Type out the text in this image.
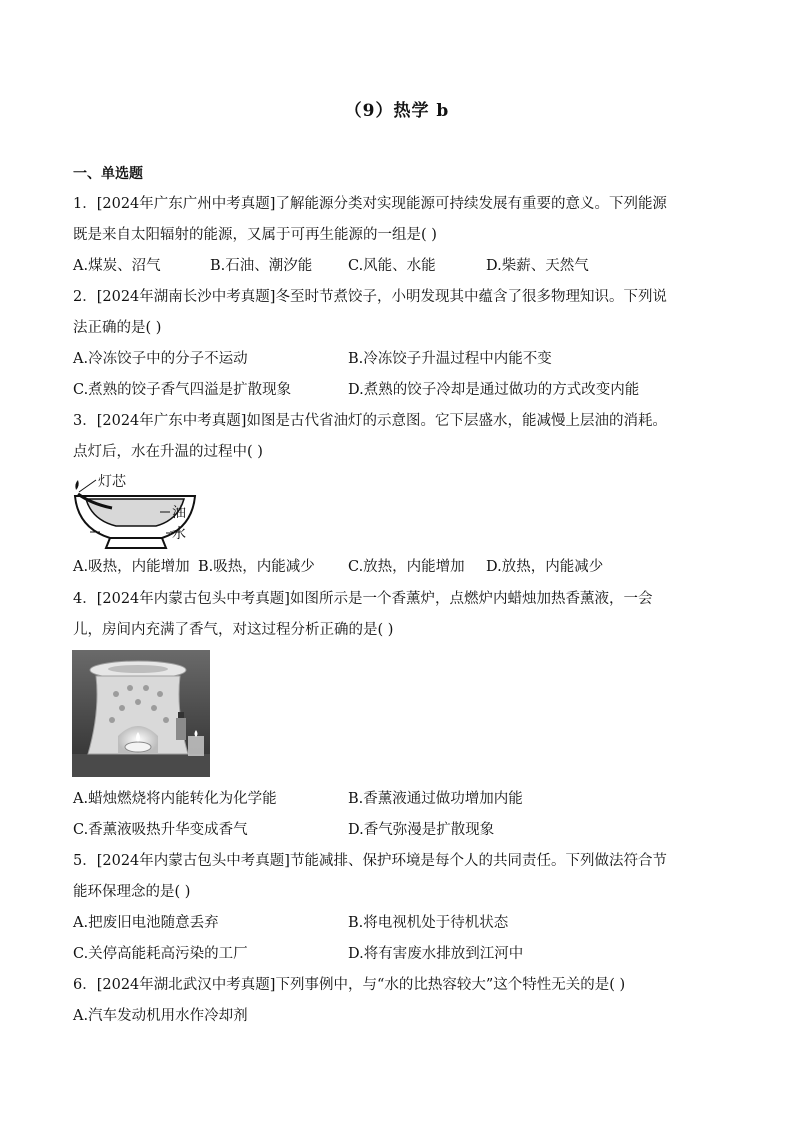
（9）热学 b
一、单选题
1．[2024年广东广州中考真题]了解能源分类对实现能源可持续发展有重要的意义。下列能源
既是来自太阳辐射的能源，又属于可再生能源的一组是( )
A.煤炭、沼气	B.石油、潮汐能 C.风能、水能	D.柴薪、天然气
2．[2024年湖南长沙中考真题]冬至时节煮饺子，小明发现其中蕴含了很多物理知识。下列说
法正确的是( )
A.冷冻饺子中的分子不运动	B.冷冻饺子升温过程中内能不变
C.煮熟的饺子香气四溢是扩散现象	D.煮熟的饺子冷却是通过做功的方式改变内能
3．[2024年广东中考真题]如图是古代省油灯的示意图。它下层盛水，能减慢上层油的消耗。
点灯后，水在升温的过程中( )
灯芯
油
水
A.吸热，内能增加 B.吸热，内能减少 C.放热，内能增加 D.放热，内能减少
4．[2024年内蒙古包头中考真题]如图所示是一个香薰炉，点燃炉内蜡烛加热香薰液，一会
儿，房间内充满了香气，对这过程分析正确的是( )
A.蜡烛燃烧将内能转化为化学能	B.香薰液通过做功增加内能
C.香薰液吸热升华变成香气	D.香气弥漫是扩散现象
5．[2024年内蒙古包头中考真题]节能减排、保护环境是每个人的共同责任。下列做法符合节
能环保理念的是( )
A.把废旧电池随意丢弃	B.将电视机处于待机状态
C.关停高能耗高污染的工厂	D.将有害废水排放到江河中
6．[2024年湖北武汉中考真题]下列事例中，与“水的比热容较大”这个特性无关的是( )
A.汽车发动机用水作冷却剂
